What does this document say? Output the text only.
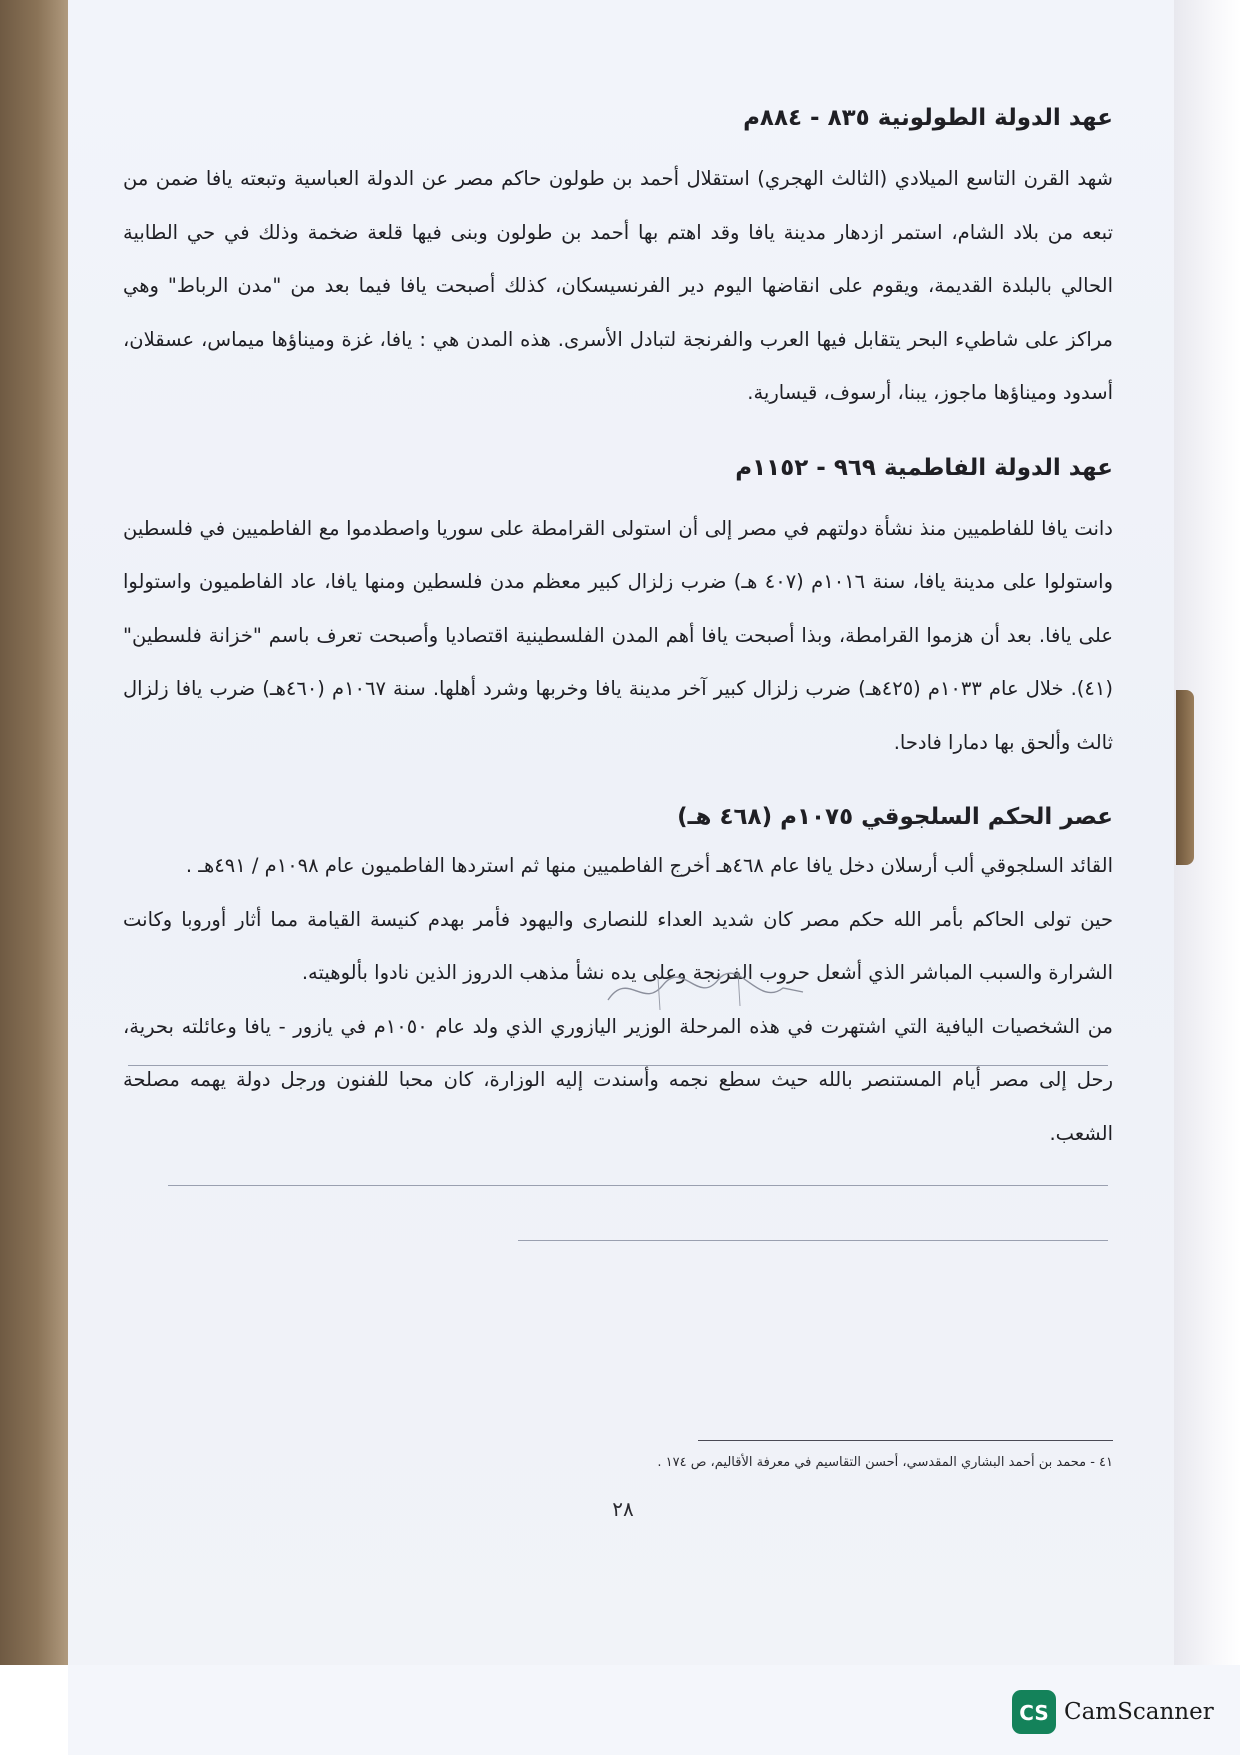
عهد الدولة الطولونية ٨٣٥ - ٨٨٤م

شهد القرن التاسع الميلادي (الثالث الهجري) استقلال أحمد بن طولون حاكم مصر عن الدولة العباسية وتبعته يافا ضمن من تبعه من بلاد الشام، استمر ازدهار مدينة يافا وقد اهتم بها أحمد بن طولون وبنى فيها قلعة ضخمة وذلك في حي الطابية الحالي بالبلدة القديمة، ويقوم على انقاضها اليوم دير الفرنسيسكان، كذلك أصبحت يافا فيما بعد من "مدن الرباط" وهي مراكز على شاطيء البحر يتقابل فيها العرب والفرنجة لتبادل الأسرى. هذه المدن هي : يافا، غزة وميناؤها ميماس، عسقلان، أسدود وميناؤها ماجوز، يبنا، أرسوف، قيسارية.

عهد الدولة الفاطمية ٩٦٩ - ١١٥٢م

دانت يافا للفاطميين منذ نشأة دولتهم في مصر إلى أن استولى القرامطة على سوريا واصطدموا مع الفاطميين في فلسطين واستولوا على مدينة يافا، سنة ١٠١٦م (٤٠٧ هـ) ضرب زلزال كبير معظم مدن فلسطين ومنها يافا، عاد الفاطميون واستولوا على يافا. بعد أن هزموا القرامطة، وبذا أصبحت يافا أهم المدن الفلسطينية اقتصاديا وأصبحت تعرف باسم "خزانة فلسطين" (٤١). خلال عام ١٠٣٣م (٤٢٥هـ) ضرب زلزال كبير آخر مدينة يافا وخربها وشرد أهلها. سنة ١٠٦٧م (٤٦٠هـ) ضرب يافا زلزال ثالث وألحق بها دمارا فادحا.

عصر الحكم السلجوقي ١٠٧٥م (٤٦٨ هـ)

القائد السلجوقي ألب أرسلان دخل يافا عام ٤٦٨هـ أخرج الفاطميين منها ثم استردها الفاطميون عام ١٠٩٨م / ٤٩١هـ .

حين تولى الحاكم بأمر الله حكم مصر كان شديد العداء للنصارى واليهود فأمر بهدم كنيسة القيامة مما أثار أوروبا وكانت الشرارة والسبب المباشر الذي أشعل حروب الفرنجة وعلى يده نشأ مذهب الدروز الذين نادوا بألوهيته.

من الشخصيات اليافية التي اشتهرت في هذه المرحلة الوزير اليازوري الذي ولد عام ١٠٥٠م في يازور - يافا وعائلته بحرية، رحل إلى مصر أيام المستنصر بالله حيث سطع نجمه وأسندت إليه الوزارة، كان محبا للفنون ورجل دولة يهمه مصلحة الشعب.

٤١ - محمد بن أحمد البشاري المقدسي، أحسن التقاسيم في معرفة الأقاليم، ص ١٧٤ .
٢٨
CS CamScanner
